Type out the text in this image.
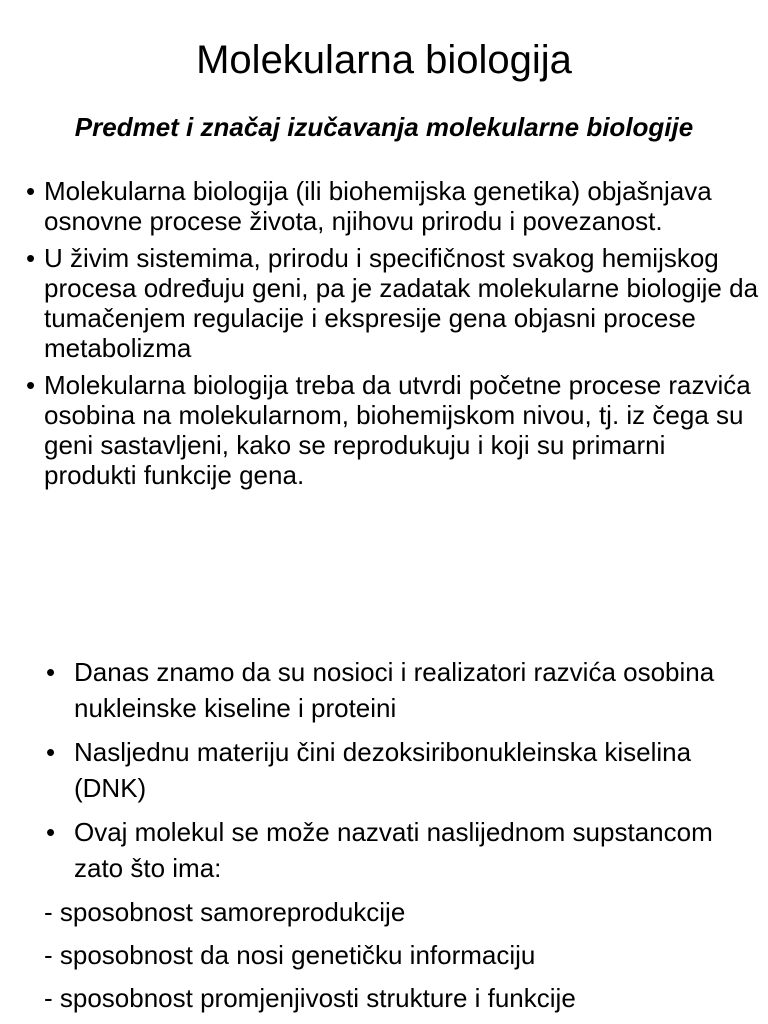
Molekularna biologija

Predmet i značaj izučavanja molekularne biologije

• Molekularna biologija (ili biohemijska genetika) objašnjava osnovne procese života, njihovu prirodu i povezanost.
• U živim sistemima, prirodu i specifičnost svakog hemijskog procesa određuju geni, pa je zadatak molekularne biologije da tumačenjem regulacije i ekspresije gena objasni procese metabolizma
• Molekularna biologija treba da utvrdi početne procese razvića osobina na molekularnom, biohemijskom nivou, tj. iz čega su geni sastavljeni, kako se reprodukuju i koji su primarni produkti funkcije gena.
• Danas znamo da su nosioci i realizatori razvića osobina nukleinske kiseline i proteini
• Nasljednu materiju čini dezoksiribonukleinska kiselina (DNK)
• Ovaj molekul se može nazvati naslijednom supstancom zato što ima:
- sposobnost samoreprodukcije
- sposobnost da nosi genetičku informaciju
- sposobnost promjenjivosti strukture i funkcije
